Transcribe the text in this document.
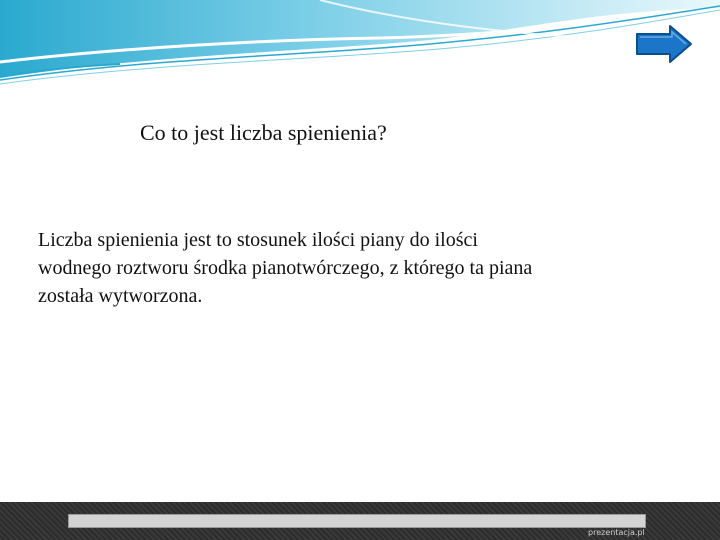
Co to jest liczba spienienia?
Liczba spienienia jest to stosunek ilości piany do ilości
wodnego roztworu środka pianotwórczego, z którego ta piana
została wytworzona.
prezentacja.pl
